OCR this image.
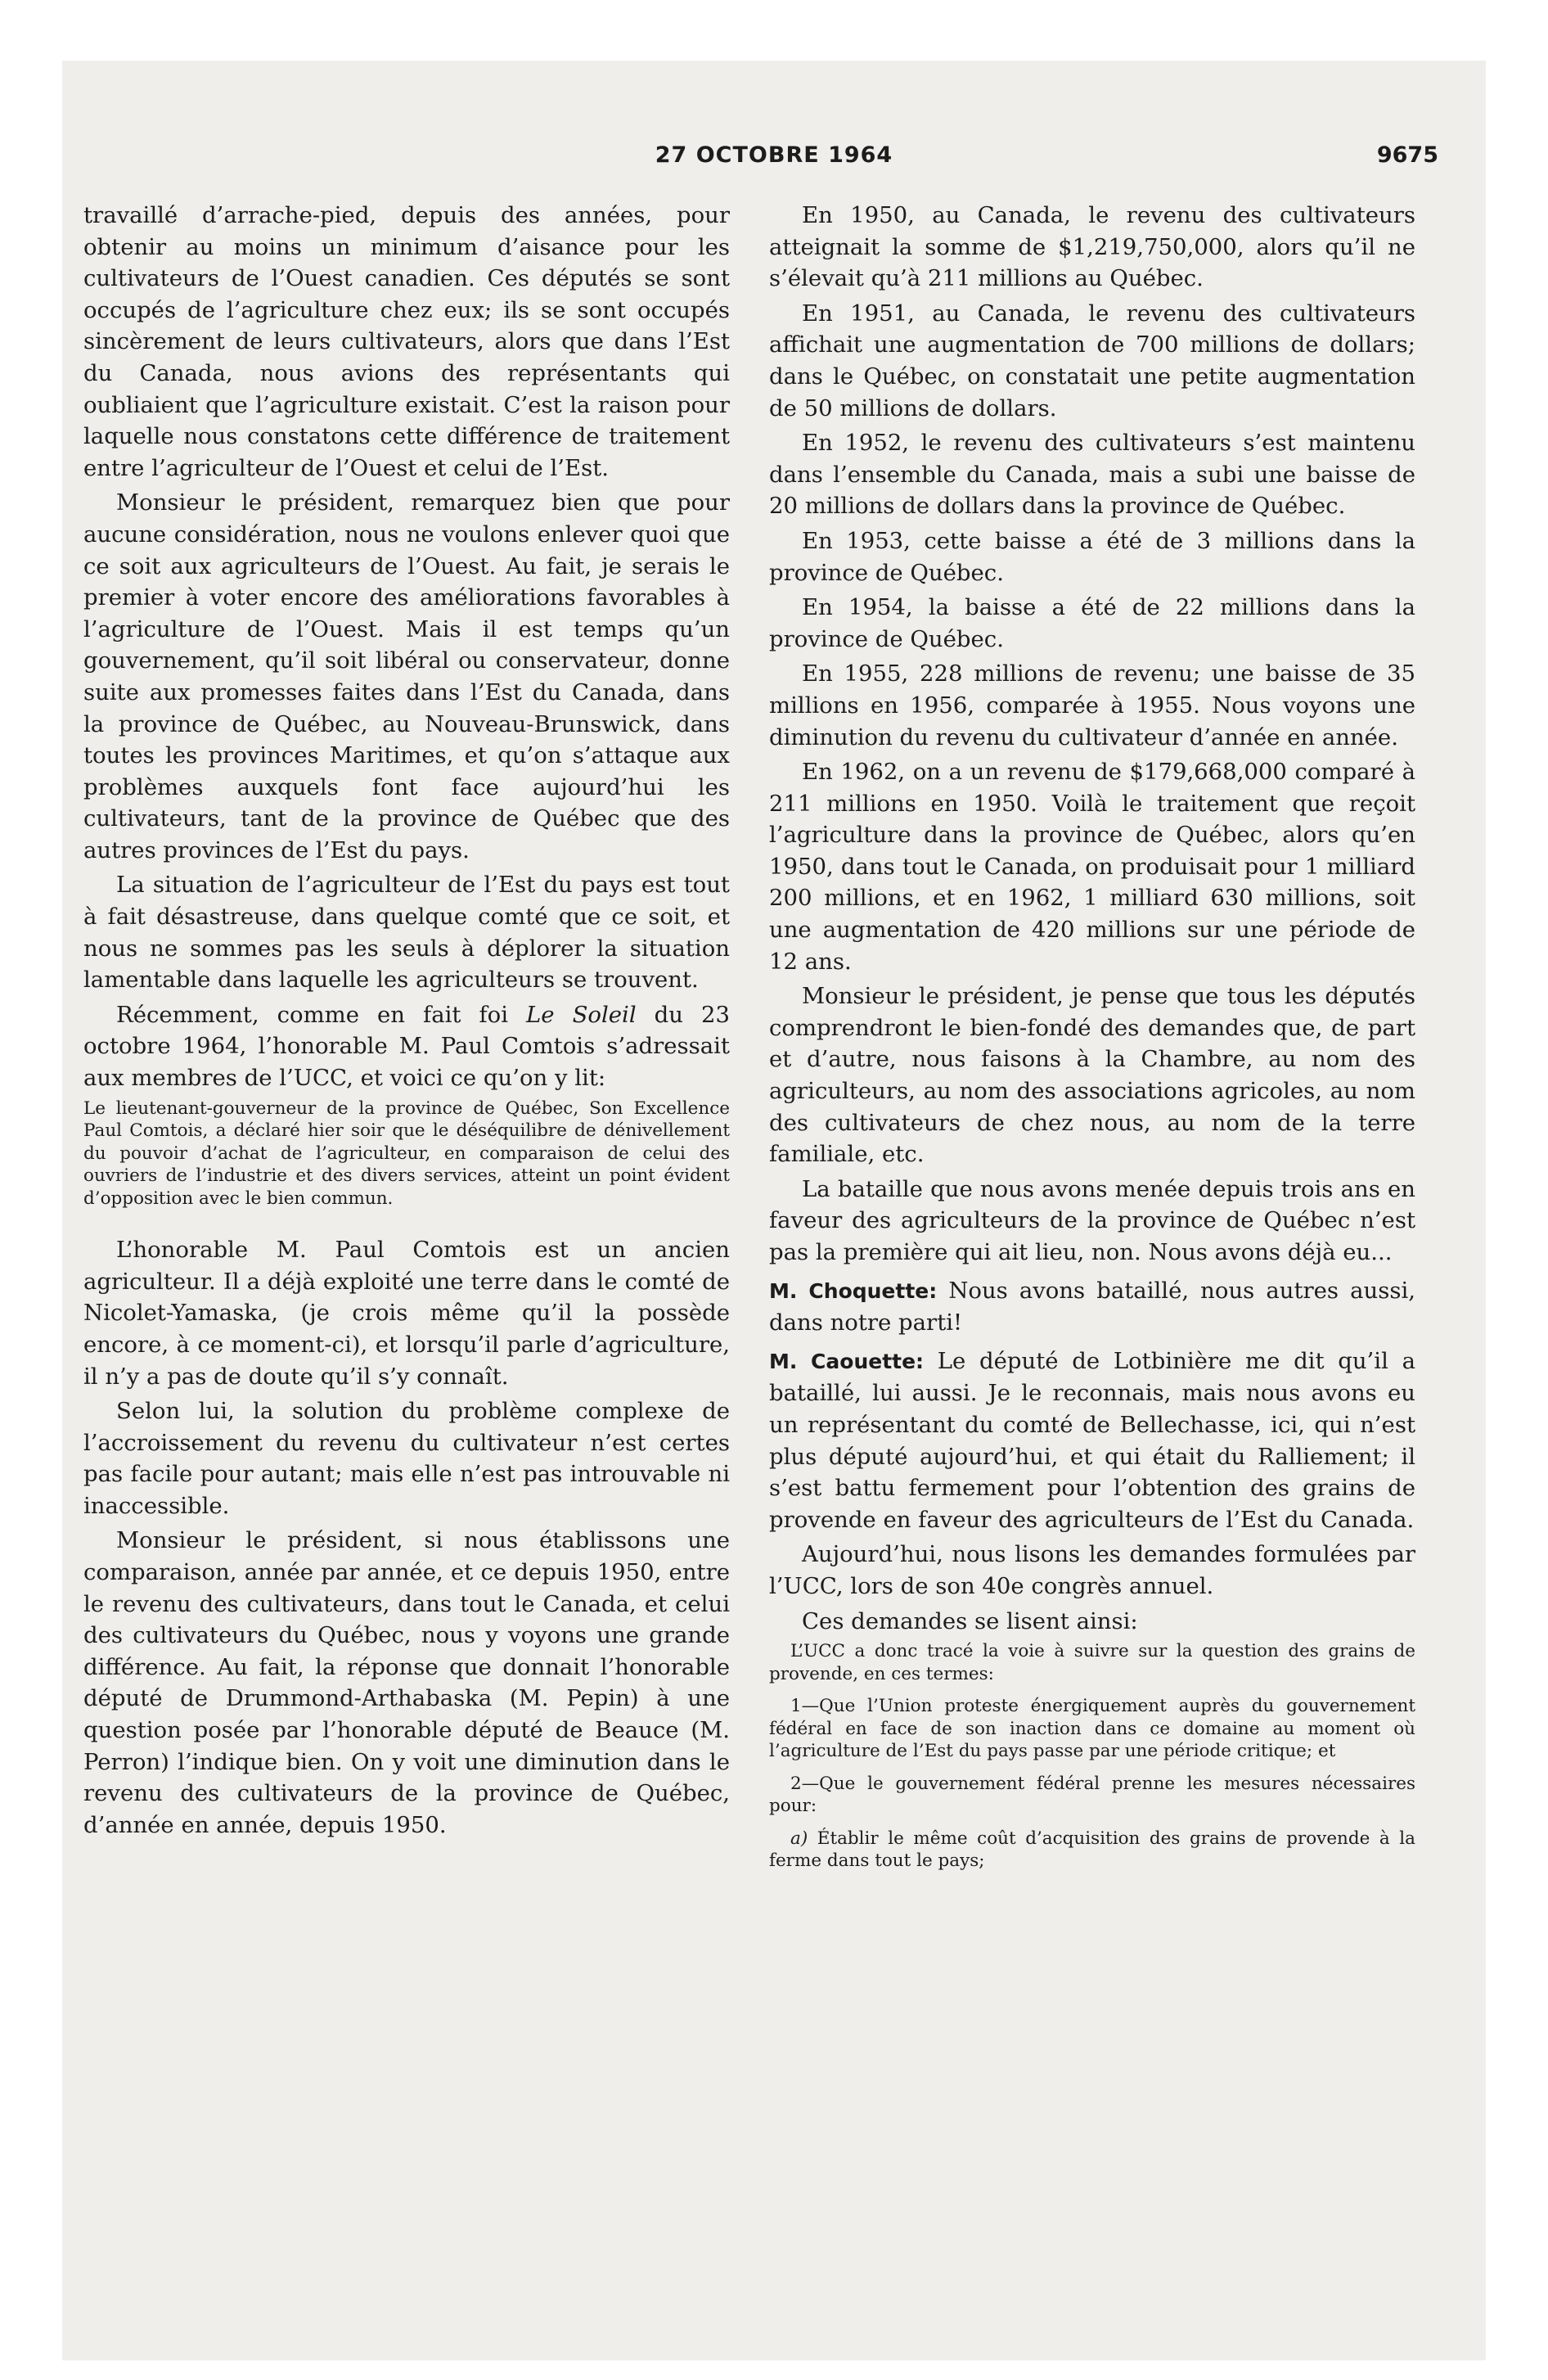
27 OCTOBRE 1964	9675

travaillé d’arrache-pied, depuis des années, pour obtenir au moins un minimum d’aisance pour les cultivateurs de l’Ouest canadien. Ces députés se sont occupés de l’agriculture chez eux; ils se sont occupés sincèrement de leurs cultivateurs, alors que dans l’Est du Canada, nous avions des représentants qui oubliaient que l’agriculture existait. C’est la raison pour laquelle nous constatons cette différence de traitement entre l’agriculteur de l’Ouest et celui de l’Est.

Monsieur le président, remarquez bien que pour aucune considération, nous ne voulons enlever quoi que ce soit aux agriculteurs de l’Ouest. Au fait, je serais le premier à voter encore des améliorations favorables à l’agriculture de l’Ouest. Mais il est temps qu’un gouvernement, qu’il soit libéral ou conservateur, donne suite aux promesses faites dans l’Est du Canada, dans la province de Québec, au Nouveau-Brunswick, dans toutes les provinces Maritimes, et qu’on s’attaque aux problèmes auxquels font face aujourd’hui les cultivateurs, tant de la province de Québec que des autres provinces de l’Est du pays.

La situation de l’agriculteur de l’Est du pays est tout à fait désastreuse, dans quelque comté que ce soit, et nous ne sommes pas les seuls à déplorer la situation lamentable dans laquelle les agriculteurs se trouvent.

Récemment, comme en fait foi Le Soleil du 23 octobre 1964, l’honorable M. Paul Comtois s’adressait aux membres de l’UCC, et voici ce qu’on y lit:

Le lieutenant-gouverneur de la province de Québec, Son Excellence Paul Comtois, a déclaré hier soir que le déséquilibre de dénivellement du pouvoir d’achat de l’agriculteur, en comparaison de celui des ouvriers de l’industrie et des divers services, atteint un point évident d’opposition avec le bien commun.

L’honorable M. Paul Comtois est un ancien agriculteur. Il a déjà exploité une terre dans le comté de Nicolet-Yamaska, (je crois même qu’il la possède encore, à ce moment-ci), et lorsqu’il parle d’agriculture, il n’y a pas de doute qu’il s’y connaît.

Selon lui, la solution du problème complexe de l’accroissement du revenu du cultivateur n’est certes pas facile pour autant; mais elle n’est pas introuvable ni inaccessible.

Monsieur le président, si nous établissons une comparaison, année par année, et ce depuis 1950, entre le revenu des cultivateurs, dans tout le Canada, et celui des cultivateurs du Québec, nous y voyons une grande différence. Au fait, la réponse que donnait l’honorable député de Drummond-Arthabaska (M. Pepin) à une question posée par l’honorable député de Beauce (M. Perron) l’indique bien. On y voit une diminution dans le revenu des cultivateurs de la province de Québec, d’année en année, depuis 1950.

En 1950, au Canada, le revenu des cultivateurs atteignait la somme de $1,219,750,000, alors qu’il ne s’élevait qu’à 211 millions au Québec.

En 1951, au Canada, le revenu des cultivateurs affichait une augmentation de 700 millions de dollars; dans le Québec, on constatait une petite augmentation de 50 millions de dollars.

En 1952, le revenu des cultivateurs s’est maintenu dans l’ensemble du Canada, mais a subi une baisse de 20 millions de dollars dans la province de Québec.

En 1953, cette baisse a été de 3 millions dans la province de Québec.

En 1954, la baisse a été de 22 millions dans la province de Québec.

En 1955, 228 millions de revenu; une baisse de 35 millions en 1956, comparée à 1955. Nous voyons une diminution du revenu du cultivateur d’année en année.

En 1962, on a un revenu de $179,668,000 comparé à 211 millions en 1950. Voilà le traitement que reçoit l’agriculture dans la province de Québec, alors qu’en 1950, dans tout le Canada, on produisait pour 1 milliard 200 millions, et en 1962, 1 milliard 630 millions, soit une augmentation de 420 millions sur une période de 12 ans.

Monsieur le président, je pense que tous les députés comprendront le bien-fondé des demandes que, de part et d’autre, nous faisons à la Chambre, au nom des agriculteurs, au nom des associations agricoles, au nom des cultivateurs de chez nous, au nom de la terre familiale, etc.

La bataille que nous avons menée depuis trois ans en faveur des agriculteurs de la province de Québec n’est pas la première qui ait lieu, non. Nous avons déjà eu...

M. Choquette: Nous avons bataillé, nous autres aussi, dans notre parti!

M. Caouette: Le député de Lotbinière me dit qu’il a bataillé, lui aussi. Je le reconnais, mais nous avons eu un représentant du comté de Bellechasse, ici, qui n’est plus député aujourd’hui, et qui était du Ralliement; il s’est battu fermement pour l’obtention des grains de provende en faveur des agriculteurs de l’Est du Canada.

Aujourd’hui, nous lisons les demandes formulées par l’UCC, lors de son 40e congrès annuel.

Ces demandes se lisent ainsi:

L’UCC a donc tracé la voie à suivre sur la question des grains de provende, en ces termes:

1—Que l’Union proteste énergiquement auprès du gouvernement fédéral en face de son inaction dans ce domaine au moment où l’agriculture de l’Est du pays passe par une période critique; et

2—Que le gouvernement fédéral prenne les mesures nécessaires pour:

a) Établir le même coût d’acquisition des grains de provende à la ferme dans tout le pays;
